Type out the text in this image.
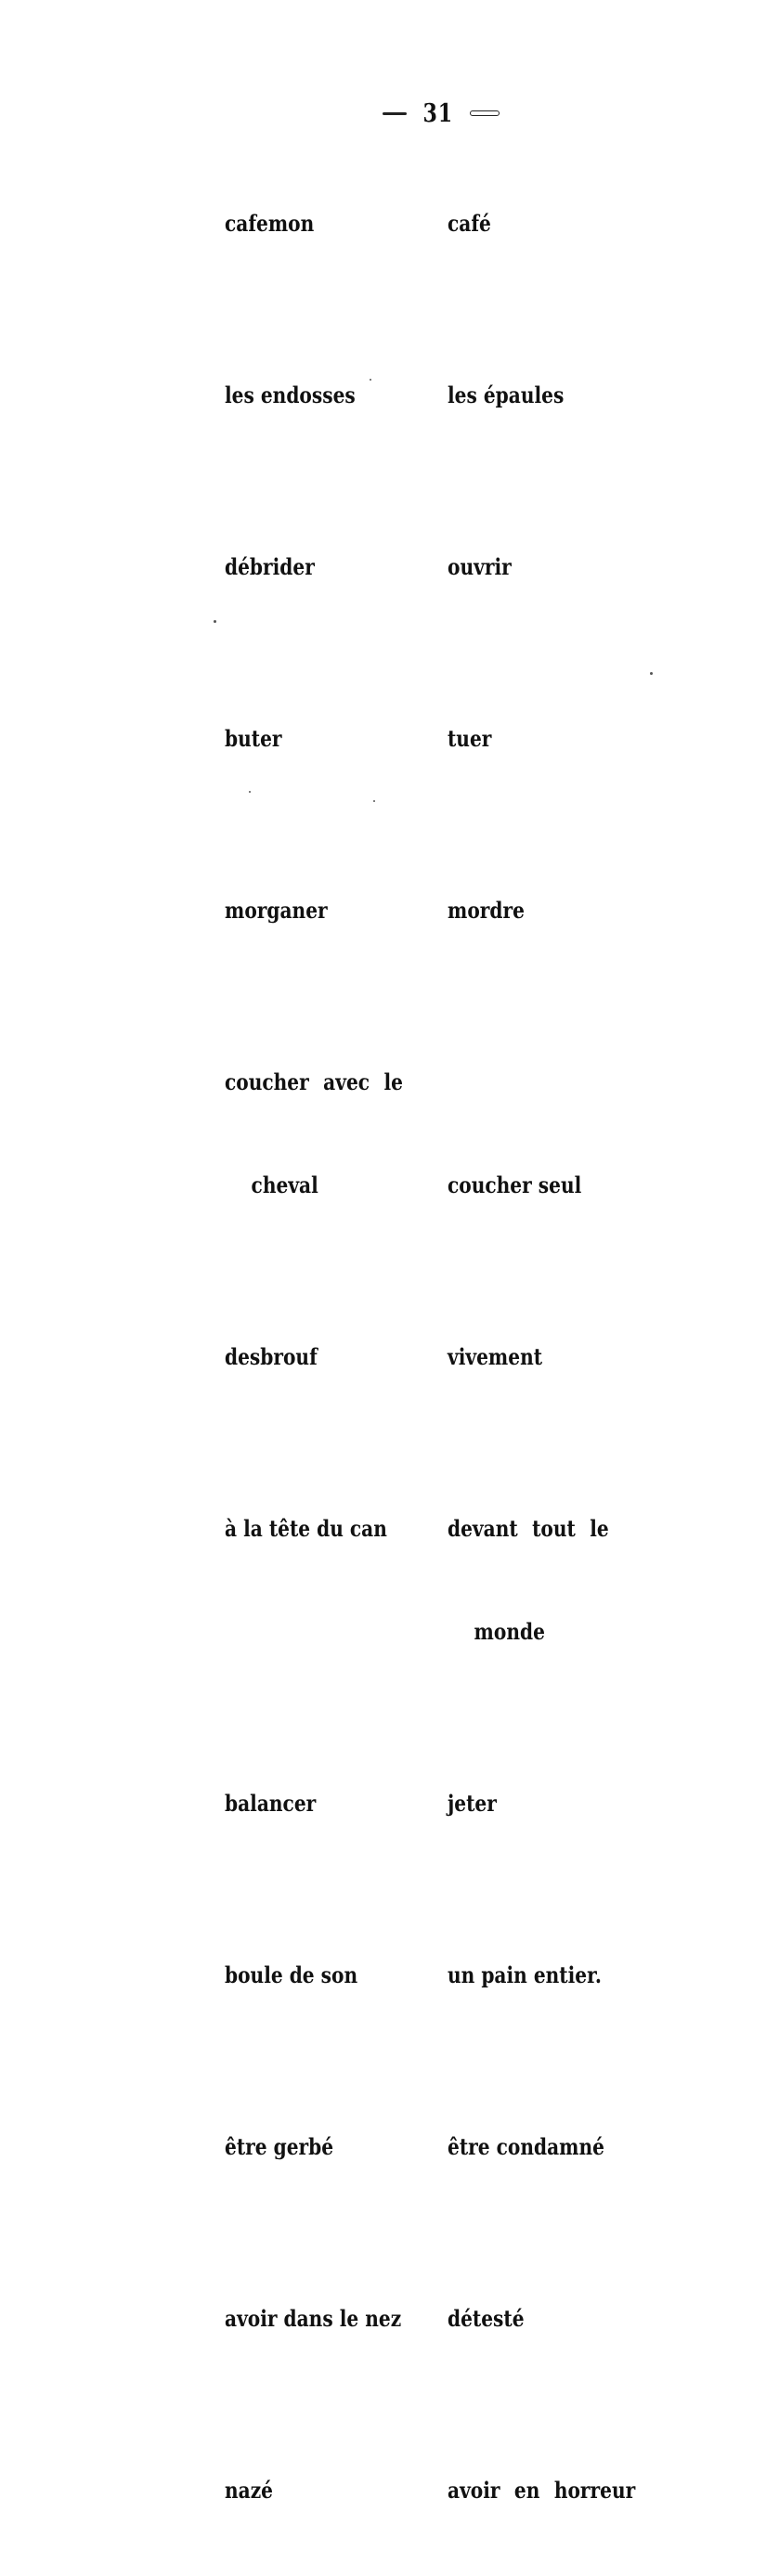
31

cafemon

	café

les endosses

	les épaules

débrider

	ouvrir

buter

	tuer

morganer

	mordre

coucher avec le

cheval

	coucher seul

desbrouf

	vivement

à la tête du can

	devant tout le

monde

balancer

	jeter

boule de son

	un pain entier.

être gerbé

	être condamné

avoir dans le nez

	détesté

nazé

	avoir en horreur
